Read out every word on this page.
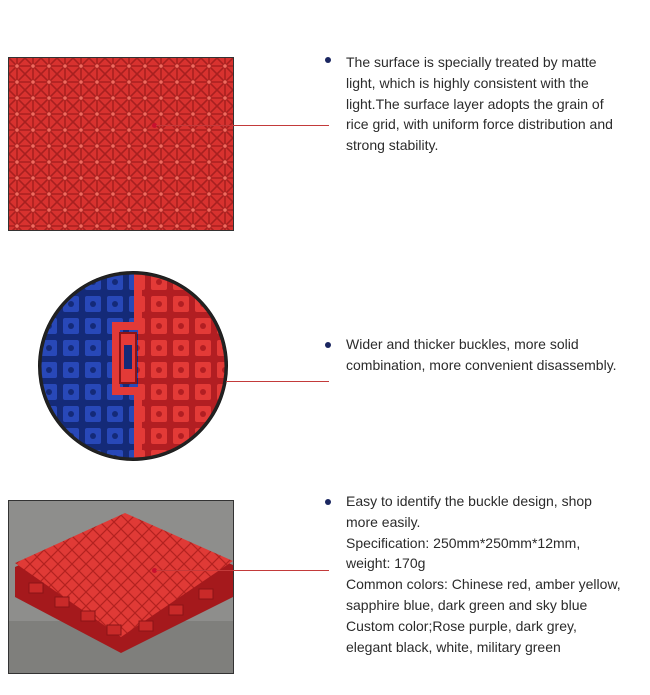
The surface is specially treated by matte light, which is highly consistent with the light.The surface layer adopts the grain of rice grid, with uniform force distribution and strong stability.

Wider and thicker buckles, more solid combination, more convenient disassembly.

Easy to identify the buckle design, shop more easily.

Specification: 250mm*250mm*12mm, weight: 170g

Common colors: Chinese red, amber yellow, sapphire blue, dark green and sky blue

Custom color;Rose purple, dark grey,  elegant black, white, military green
